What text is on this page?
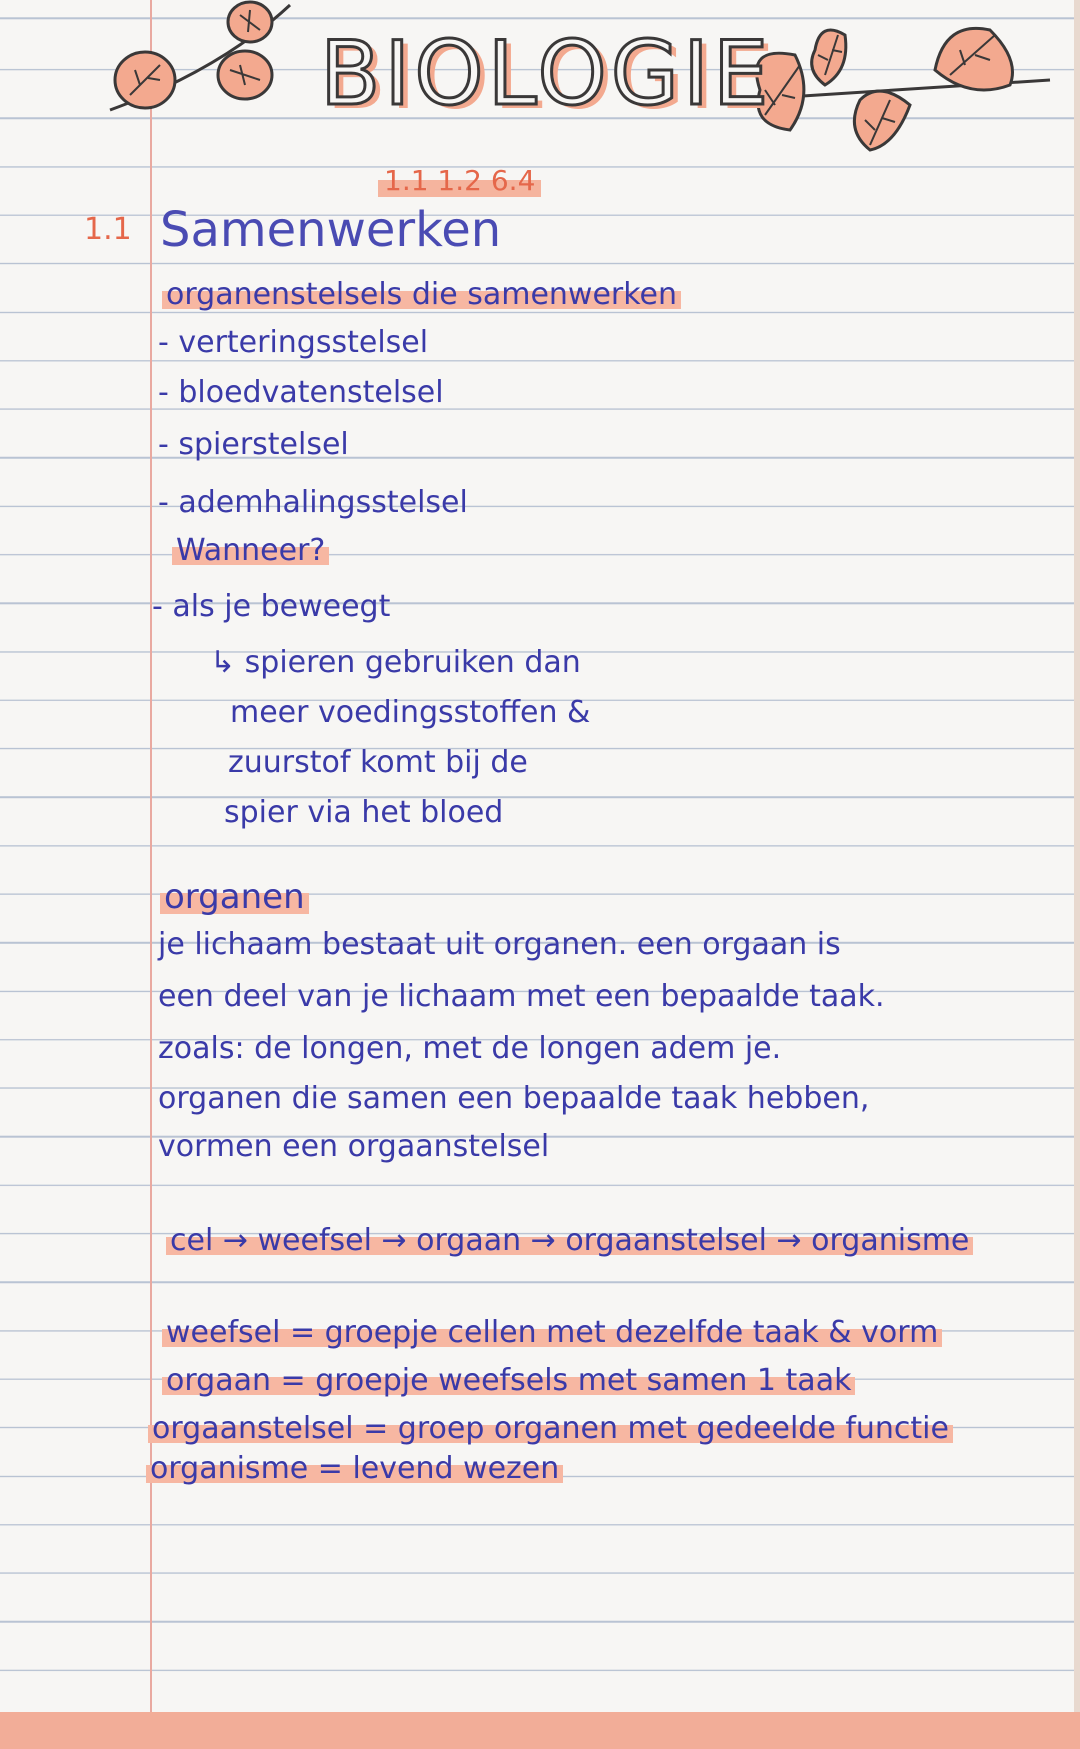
BIOLOGIE
1.1 1.2 6.4
1.1 Samenwerken
organenstelsels die samenwerken
- verteringsstelsel
- bloedvatenstelsel
- spierstelsel
- ademhalingsstelsel
Wanneer?
- als je beweegt
↳ spieren gebruiken dan
meer voedingsstoffen &
zuurstof komt bij de
spier via het bloed
organen
je lichaam bestaat uit organen. een orgaan is
een deel van je lichaam met een bepaalde taak.
zoals: de longen, met de longen adem je.
organen die samen een bepaalde taak hebben,
vormen een orgaanstelsel
cel → weefsel → orgaan → orgaanstelsel → organisme
weefsel = groepje cellen met dezelfde taak & vorm
orgaan = groepje weefsels met samen 1 taak
orgaanstelsel = groep organen met gedeelde functie
organisme = levend wezen
